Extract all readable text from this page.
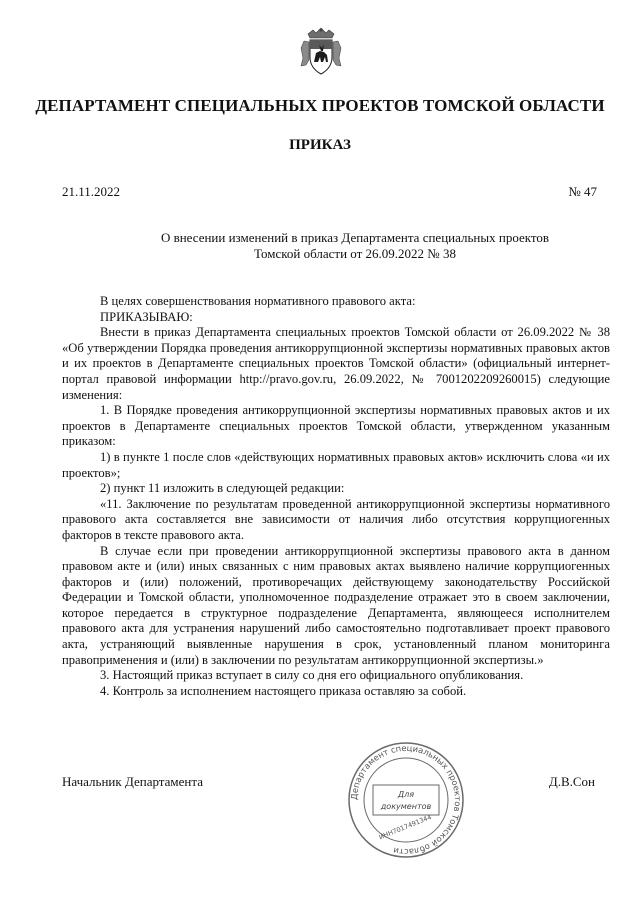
ДЕПАРТАМЕНТ СПЕЦИАЛЬНЫХ ПРОЕКТОВ ТОМСКОЙ ОБЛАСТИ
ПРИКАЗ
21.11.2022	№ 47
О внесении изменений в приказ Департамента специальных проектов
Томской области от 26.09.2022 № 38

В целях совершенствования нормативного правового акта:

ПРИКАЗЫВАЮ:

Внести в приказ Департамента специальных проектов Томской области от 26.09.2022 № 38 «Об утверждении Порядка проведения антикоррупционной экспертизы нормативных правовых актов и их проектов в Департаменте специальных проектов Томской области» (официальный интернет-портал правовой информации http://pravo.gov.ru, 26.09.2022, № 7001202209260015) следующие изменения:

1. В Порядке проведения антикоррупционной экспертизы нормативных правовых актов и их проектов в Департаменте специальных проектов Томской области, утвержденном указанным приказом:

1) в пункте 1 после слов «действующих нормативных правовых актов» исключить слова «и их проектов»;

2) пункт 11 изложить в следующей редакции:

«11. Заключение по результатам проведенной антикоррупционной экспертизы нормативного правового акта составляется вне зависимости от наличия либо отсутствия коррупциогенных факторов в тексте правового акта.

В случае если при проведении антикоррупционной экспертизы правового акта в данном правовом акте и (или) иных связанных с ним правовых актах выявлено наличие коррупциогенных факторов и (или) положений, противоречащих действующему законодательству Российской Федерации и Томской области, уполномоченное подразделение отражает это в своем заключении, которое передается в структурное подразделение Департамента, являющееся исполнителем правового акта для устранения нарушений либо самостоятельно подготавливает проект правового акта, устраняющий выявленные нарушения в срок, установленный планом мониторинга правоприменения и (или) в заключении по результатам антикоррупционной экспертизы.»

3. Настоящий приказ вступает в силу со дня его официального опубликования.

4. Контроль за исполнением настоящего приказа оставляю за собой.

Начальник Департамента	Д.В.Сон
Департамент специальных проектов Томской области
Для
документов
ИНН7017491344
